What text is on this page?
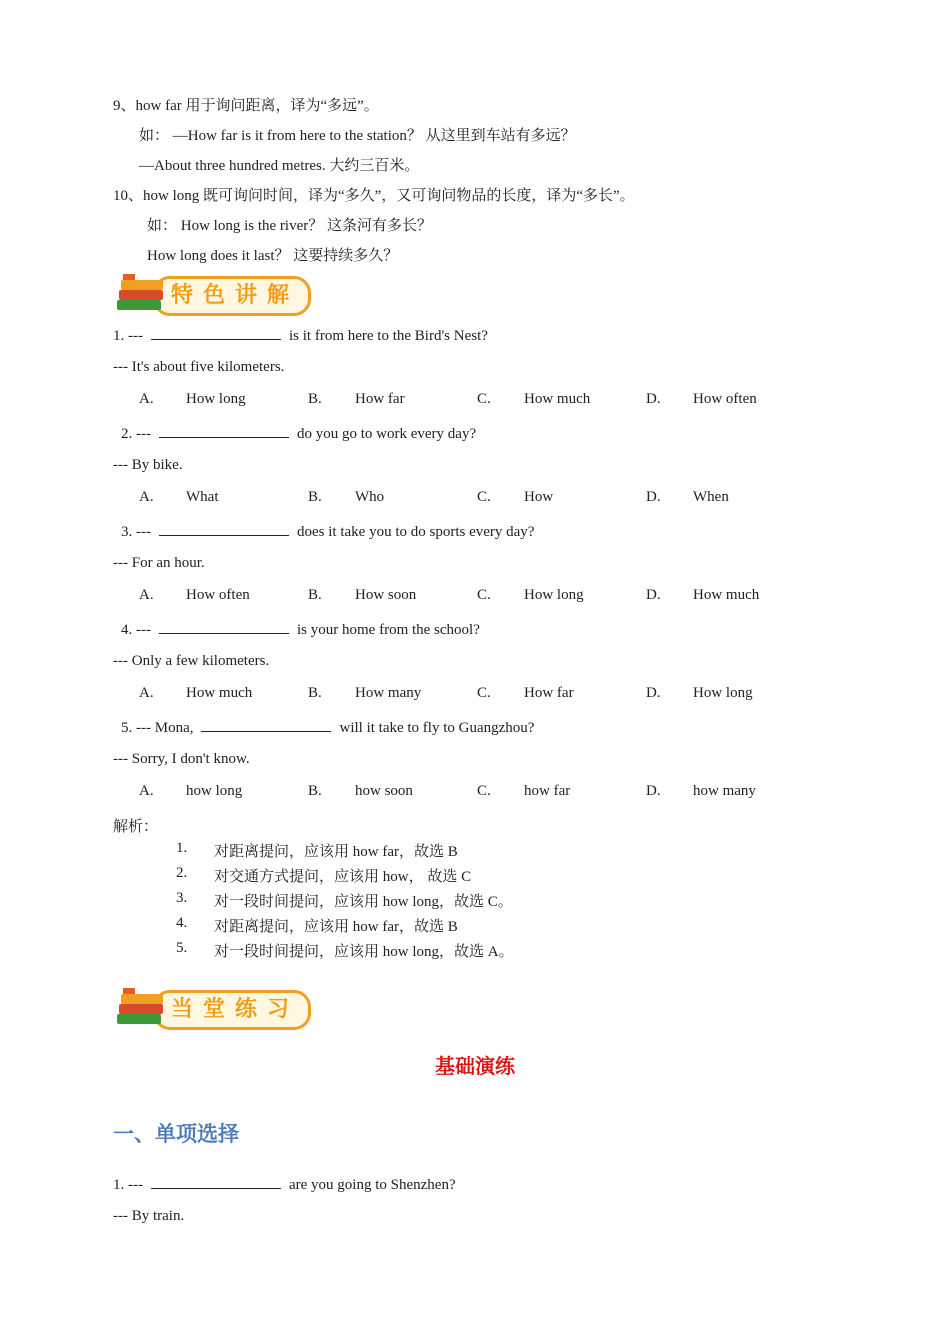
9、how far 用于询问距离，译为“多远”。
如： —How far is it from here to the station？ 从这里到车站有多远？
—About three hundred metres. 大约三百米。
10、how long 既可询问时间，译为“多久”，又可询问物品的长度，译为“多长”。
如： How long is the river？ 这条河有多长？
How long does it last？ 这要持续多久？
特色讲解
1. ---	is it from here to the Bird's Nest?
--- It's about five kilometers.
A. How long	B. How far	C. How much	D. How often
2. ---	do you go to work every day?
--- By bike.
A. What	B. Who	C. How	D. When
3. ---	does it take you to do sports every day?
--- For an hour.
A. How often	B. How soon	C. How long	D. How much
4. ---	is your home from the school?
--- Only a few kilometers.
A. How much	B. How many	C. How far	D. How long
5. --- Mona,	will it take to fly to Guangzhou?
--- Sorry, I don't know.
A. how long	B. how soon	C. how far	D. how many
解析：
1. 对距离提问，应该用 how far，故选 B
2. 对交通方式提问，应该用 how， 故选 C
3. 对一段时间提问，应该用 how long，故选 C。
4. 对距离提问，应该用 how far，故选 B
5. 对一段时间提问，应该用 how long，故选 A。
当堂练习
基础演练
一、单项选择
1. ---	are you going to Shenzhen?
--- By train.
